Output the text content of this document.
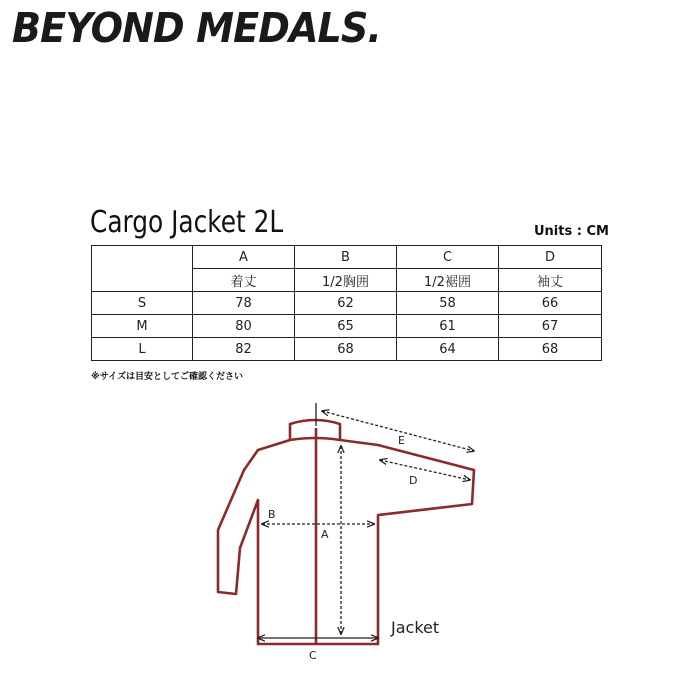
BEYOND MEDALS.
Cargo Jacket 2L	Units : CM
	A	B	C	D
	着丈	1/2胸囲	1/2裾囲	袖丈
S	78	62	58	66
M	80	65	61	67
L	82	68	64	68
※サイズは目安としてご確認ください
A
B
C
D
E
Jacket
